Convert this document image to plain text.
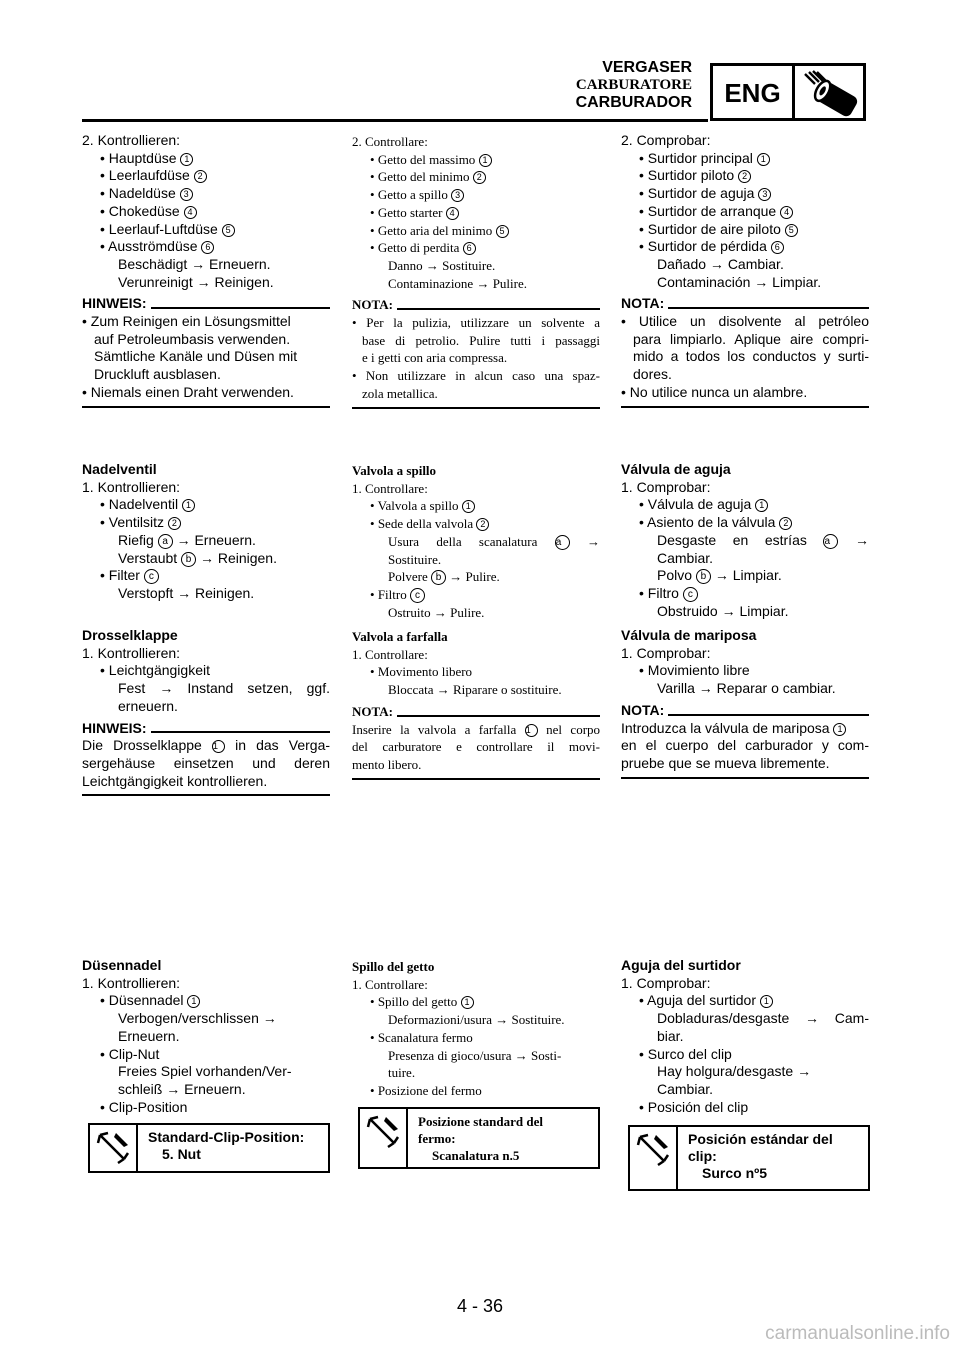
VERGASER
CARBURATORE
CARBURADOR	ENG
2. Kontrollieren:
• Hauptdüse 1
• Leerlaufdüse 2
• Nadeldüse 3
• Chokedüse 4
• Leerlauf-Luftdüse 5
• Ausströmdüse 6
Beschädigt → Erneuern.
Verunreinigt → Reinigen.
HINWEIS:
• Zum Reinigen ein Lösungsmittel
auf Petroleumbasis verwenden.
Sämtliche Kanäle und Düsen mit
Druckluft ausblasen.
• Niemals einen Draht verwenden.
Nadelventil
1. Kontrollieren:
• Nadelventil 1
• Ventilsitz 2
Riefig a → Erneuern.
Verstaubt b → Reinigen.
• Filter c
Verstopft → Reinigen.
Drosselklappe
1. Kontrollieren:
• Leichtgängigkeit
Fest → Instand setzen, ggf.
erneuern.
HINWEIS:
Die Drosselklappe 1 in das Verga-
sergehäuse einsetzen und deren
Leichtgängigkeit kontrollieren.
Düsennadel
1. Kontrollieren:
• Düsennadel 1
Verbogen/verschlissen →
Erneuern.
• Clip-Nut
Freies Spiel vorhanden/Ver-
schleiß → Erneuern.
• Clip-Position
Standard-Clip-Position:
5. Nut
2. Controllare:
• Getto del massimo 1
• Getto del minimo 2
• Getto a spillo 3
• Getto starter 4
• Getto aria del minimo 5
• Getto di perdita 6
Danno → Sostituire.
Contaminazione → Pulire.
NOTA:
• Per la pulizia, utilizzare un solvente a
base di petrolio. Pulire tutti i passaggi
e i getti con aria compressa.
• Non utilizzare in alcun caso una spaz-
zola metallica.
Valvola a spillo
1. Controllare:
• Valvola a spillo 1
• Sede della valvola 2
Usura della scanalatura a →
Sostituire.
Polvere b → Pulire.
• Filtro c
Ostruito → Pulire.
Valvola a farfalla
1. Controllare:
• Movimento libero
Bloccata → Riparare o sostituire.
NOTA:
Inserire la valvola a farfalla 1 nel corpo
del carburatore e controllare il movi-
mento libero.
Spillo del getto
1. Controllare:
• Spillo del getto 1
Deformazioni/usura → Sostituire.
• Scanalatura fermo
Presenza di gioco/usura → Sosti-
tuire.
• Posizione del fermo
Posizione standard del
fermo:
Scanalatura n.5
2. Comprobar:
• Surtidor principal 1
• Surtidor piloto 2
• Surtidor de aguja 3
• Surtidor de arranque 4
• Surtidor de aire piloto 5
• Surtidor de pérdida 6
Dañado → Cambiar.
Contaminación → Limpiar.
NOTA:
• Utilice un disolvente al petróleo
para limpiarlo. Aplique aire compri-
mido a todos los conductos y surti-
dores.
• No utilice nunca un alambre.
Válvula de aguja
1. Comprobar:
• Válvula de aguja 1
• Asiento de la válvula 2
Desgaste en estrías a →
Cambiar.
Polvo b → Limpiar.
• Filtro c
Obstruido → Limpiar.
Válvula de mariposa
1. Comprobar:
• Movimiento libre
Varilla → Reparar o cambiar.
NOTA:
Introduzca la válvula de mariposa 1
en el cuerpo del carburador y com-
pruebe que se mueva libremente.
Aguja del surtidor
1. Comprobar:
• Aguja del surtidor 1
Dobladuras/desgaste → Cam-
biar.
• Surco del clip
Hay holgura/desgaste →
Cambiar.
• Posición del clip
Posición estándar del
clip:
Surco nº5
4 - 36
carmanualsonline.info
